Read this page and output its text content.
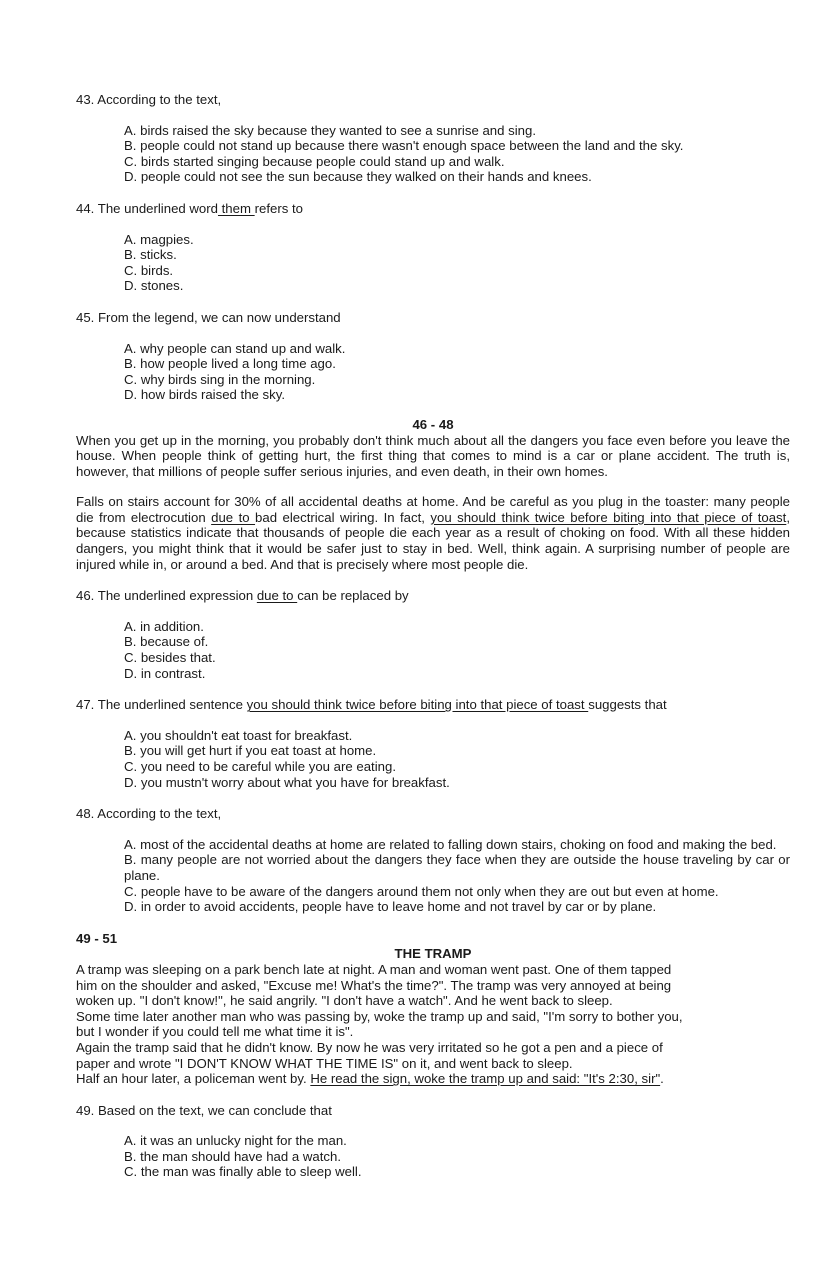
43. According to the text,

A. birds raised the sky because they wanted to see a sunrise and sing.

B. people could not stand up because there wasn't enough space between the land and the sky.

C. birds started singing because people could stand up and walk.

D. people could not see the sun because they walked on their hands and knees.

44. The underlined word them refers to

A. magpies.

B. sticks.

C. birds.

D. stones.

45. From the legend, we can now understand

A. why people can stand up and walk.

B. how people lived a long time ago.

C. why birds sing in the morning.

D. how birds raised the sky.

46 - 48

When you get up in the morning, you probably don't think much about all the dangers you face even before you leave the house. When people think of getting hurt, the first thing that comes to mind is a car or plane accident. The truth is, however, that millions of people suffer serious injuries, and even death, in their own homes.

Falls on stairs account for 30% of all accidental deaths at home. And be careful as you plug in the toaster: many people die from electrocution due to bad electrical wiring. In fact, you should think twice before biting into that piece of toast, because statistics indicate that thousands of people die each year as a result of choking on food. With all these hidden dangers, you might think that it would be safer just to stay in bed. Well, think again. A surprising number of people are injured while in, or around a bed. And that is precisely where most people die.

46. The underlined expression due to can be replaced by

A. in addition.

B. because of.

C. besides that.

D. in contrast.

47. The underlined sentence you should think twice before biting into that piece of toast suggests that

A. you shouldn't eat toast for breakfast.

B. you will get hurt if you eat toast at home.

C. you need to be careful while you are eating.

D. you mustn't worry about what you have for breakfast.

48. According to the text,

A. most of the accidental deaths at home are related to falling down stairs, choking on food and making the bed.

B. many people are not worried about the dangers they face when they are outside the house traveling by car or plane.

C. people have to be aware of the dangers around them not only when they are out but even at home.

D. in order to avoid accidents, people have to leave home and not travel by car or by plane.

49 - 51

THE TRAMP

A tramp was sleeping on a park bench late at night. A man and woman went past. One of them tapped

him on the shoulder and asked, "Excuse me! What's the time?". The tramp was very annoyed at being

woken up. "I don't know!", he said angrily. "I don't have a watch". And he went back to sleep.

Some time later another man who was passing by, woke the tramp up and said, "I'm sorry to bother you,

but I wonder if you could tell me what time it is".

Again the tramp said that he didn't know. By now he was very irritated so he got a pen and a piece of

paper and wrote "I DON'T KNOW WHAT THE TIME IS" on it, and went back to sleep.

Half an hour later, a policeman went by. He read the sign, woke the tramp up and said: "It's 2:30, sir".

49. Based on the text, we can conclude that

A. it was an unlucky night for the man.

B. the man should have had a watch.

C. the man was finally able to sleep well.
